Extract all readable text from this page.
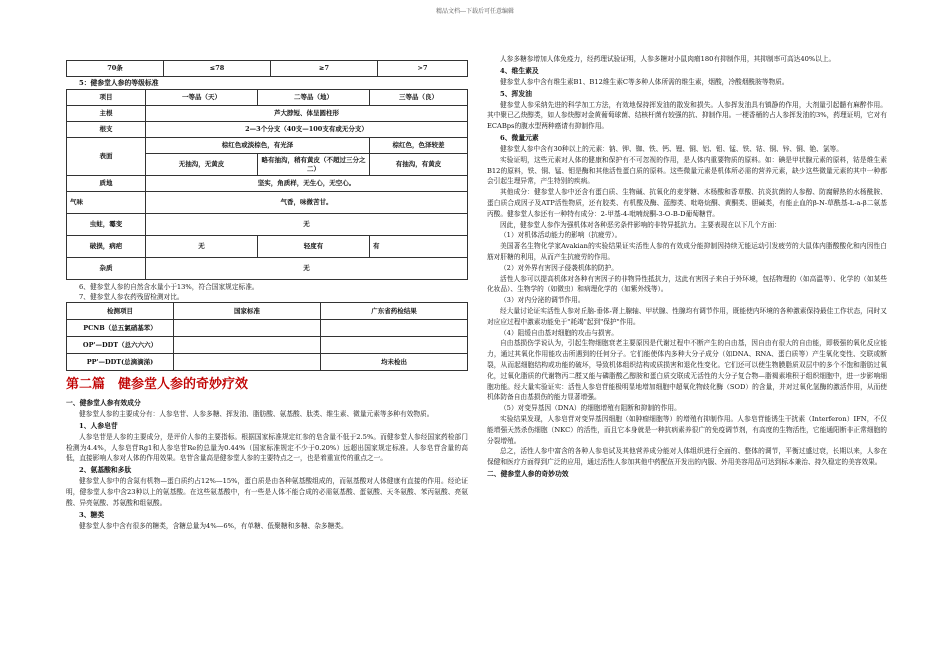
精品文档---下载后可任意编辑
70条	≤78	≥7	>7
5：健参堂人参的等级标准
项目	一等品（天）	二等品（地）	三等品（良）
主根	芦大脖短、体呈圆柱形		
根支	2—3个分支（40支—100支有或无分支）		
表面	棕红色或淡棕色，有光泽		棕红色，色泽较差
	无抽沟，无黄皮	略有抽沟，稍有黄皮（不超过三分之二）	有抽沟，有黄皮
质地	坚实，角质样，无生心，无空心。		
气味	气香，味微苦甘。		
虫蛀，霉变	无		
破损，病疤	无	轻度有	有
杂质	无		
6、健参堂人参的自然含水量小于13%，符合国家规定标准。
7、健参堂人参农药残留检测对比。
检测项目	国家标准	广东省药检结果
PCNB（总五氯硝基苯）		
OP'—DDT（总六六六）		
PP'—DDT(总滴滴涕)		均未检出
第二篇　健参堂人参的奇妙疗效
一、健参堂人参有效成分

健参堂人参的主要成分有：人参皂苷、人参多糖、挥发油、脂肪酸、氨基酸、肽类、维生素、微量元素等多种有效物质。

1、人参皂苷

人参皂苷是人参的主要成分，是评价人参的主要指标。根据国家标准规定红参的皂含量不低于2.5%。而健参堂人参经国家药检部门检测为4.4%，人参皂苷Rg1和人参皂苷Re的总量为0.44%（国家标准规定不少于0.20%）远超出国家规定标准。人参皂苷含量的高低，直接影响人参对人体的作用效果。皂苷含量高是健参堂人参的主要特点之一，也是着重宣传的重点之一。

2、氨基酸和多肽

健参堂人参中的含氮有机物—蛋白质约占12%—15%，蛋白质是由各种氨基酸组成的，而氨基酸对人体健康有直接的作用。经论证明，健参堂人参中含23种以上的氨基酸。在这些氨基酸中，有一些是人体不能合成的必需氨基酸、蛋氨酸、天冬氨酸、苯丙氨酸、亮氨酸、异亮氨酸、苏氨酸和组氨酸。

3、糖类

健参堂人参中含有很多的糖类，含糖总量为4%—6%，有单糖、低聚糖和多糖、杂多糖类。

人参多糖参增加人体免疫力，经药理试验证明，人参多糖对小鼠肉瘤180有抑制作用，其抑制率可高达40%以上。

4、维生素及

健参堂人参中含有维生素B1、B12维生素C等多种人体所需的维生素，烟酸，冷酸烟酰胺等物质。

5、挥发油

健参堂人参采纳先进的科学加工方法，有效地保持挥发油的散发和损失。人参挥发油具有镇静的作用，大剂量引起髓有麻醉作用。其中聚已乙炔醇类，如人参炔醇对金黄葡萄球菌、结核杆菌有较强的抗、抑制作用。一梗香桶的占人参挥发油的3%，药理证明，它对有ECABps的腹水型两种癌请有抑制作用。

6、微量元素

健参堂人参中含有30种以上的元素：钠、钾、铷、铁、钙、锂、铜、铝、钼、锰、铁、钴、铜、锌、铜、铯、氯等。

实验证明，这些元素对人体的健康和保护有不可忽视的作用，是人体内重要物质的原料。如：碘是甲状腺元素的原料，钴是维生素B12的原料，铁、铜、锰、钼是酶和其他活性蛋白质的原料。这些微量元素是机体所必需的营养元素，缺少这些微量元素的其中一种都会引起生理异常，产生特别的疾病。

其他成分：健参堂人参中还含有蛋白质、生物碱、抗氧化的麦芽糖、木杨酸和香草酸、抗炎抗菌的人参醇、防腐解热的水杨酰胺、蛋白质合成因子及ATP活性物质，还有胶类、有机酸及酶、蓝醇类、吡咯烷酮、黄酮类、胆碱类，有能止血的β-N-草酰基-L-a-β二氨基丙酸。健参堂人参还有一种特有成分：2-甲基-4-吡喃烷酮-3-O-B-D葡萄糖苷。

因此，健参堂人参作为强机体对各种恶劣条件影响的非特异抵抗力。主要表现在以下几个方面：

（1）对机体活动能力的影响（抗疲劳）。

美国著名生物化学家Avakian的实验结果证实活性人参的有效成分能抑制因持续无能运动引发疲劳的大鼠体内脂酸酸化和内因性白筋对肝糖的利用，从而产生抗疲劳的作用。

（2）对外界有害因子侵袭机体的防护。

活性人参可以提高机体对各种有害因子的非物异性抵抗力，这此有害因子来自于外环境，包括物理的（如高温等）、化学的（如某些化妆品）、生物学的（如微虫）和病理化学的（如紫外线等）。

（3）对内分泌的调节作用。

经大量讨论证实活性人参对丘脑-垂体-肾上腺轴、甲状腺、性腺均有调节作用，既能使内环境的各种激素保持最佳工作状态，同时又对应应过程中激素功能免于"耗竭"起到"保护"作用。

（4）阻缓自由基对细胞的攻击与损害。

自由基损伤学说认为，引起生物细胞衰老主要原因是代谢过程中不断产生的自由基，因自由有很大的自由能，即极强的氧化反应能力，通过其氧化作用能攻击所遇到的任何分子。它们能使体内多种大分子成分（如DNA、RNA、蛋白质等）产生氧化变性、交联或断裂，从而起细胞结构或功能的破坏，导致机体组织结构或质损害和退化性变化。它们还可以使生物膜脂质双层中的多个不饱和脂肪过氧化，过氧化脂质的代谢物丙二醛又能与磷脂酸乙醇胺和蛋白质交联成无活性的大分子复合物—脂褐素堆积于组织细胞中，进一步影响细胞功能。经大量实验证实：活性人参皂苷能极明显地增加细胞中超氧化物歧化酶（SOD）的含量，并对过氧化氢酶的激活作用，从而使机体防备自由基损伤的能力显著增强。

（5）对变异基因（DNA）的细胞增殖有阻断和抑制的作用。

实验结果发现，人参皂苷对变异基因细胞（如肿瘤细胞等）的增殖有抑制作用。人参皂苷能诱生干扰素（Interferon）IFN，不仅能增强天然杀伤细胞（NKC）的活性，而且它本身就是一种抗病素养很广的免疫调节剂，有高度的生物活性，它能通阳断非正常细胞的分裂增殖。

总之，活性人参中富含的各种人参皂试及其他营养成分能对人体组织进行全面的、整体的调节，平衡过盛过衰，长期以来，人参在保健和医疗方面得到广泛的应用，通过活性人参加其他中药配伍开发出的内服、外用美容用品可达到标本兼治、持久稳定的美容效果。

二、健参堂人参的奇妙功效
